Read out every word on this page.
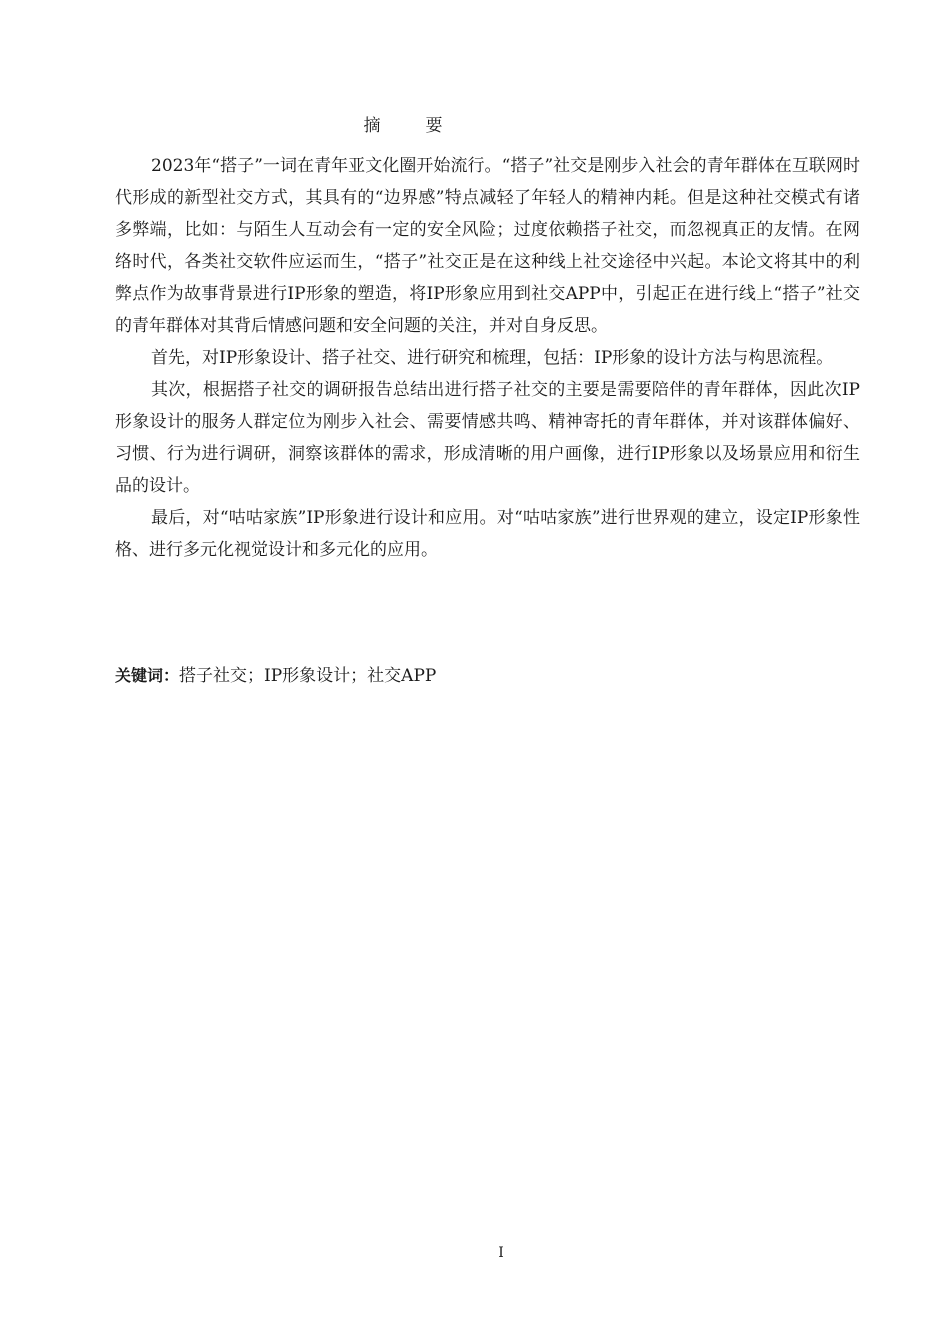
摘　要

2023年“搭子”一词在青年亚文化圈开始流行。“搭子”社交是刚步入社会的青年群体在互联网时代形成的新型社交方式，其具有的“边界感”特点减轻了年轻人的精神内耗。但是这种社交模式有诸多弊端，比如：与陌生人互动会有一定的安全风险；过度依赖搭子社交，而忽视真正的友情。在网络时代，各类社交软件应运而生，“搭子”社交正是在这种线上社交途径中兴起。本论文将其中的利弊点作为故事背景进行IP形象的塑造，将IP形象应用到社交APP中，引起正在进行线上“搭子”社交的青年群体对其背后情感问题和安全问题的关注，并对自身反思。

首先，对IP形象设计、搭子社交、进行研究和梳理，包括：IP形象的设计方法与构思流程。

其次，根据搭子社交的调研报告总结出进行搭子社交的主要是需要陪伴的青年群体，因此次IP形象设计的服务人群定位为刚步入社会、需要情感共鸣、精神寄托的青年群体，并对该群体偏好、习惯、行为进行调研，洞察该群体的需求，形成清晰的用户画像，进行IP形象以及场景应用和衍生品的设计。

最后，对“咕咕家族”IP形象进行设计和应用。对“咕咕家族”进行世界观的建立，设定IP形象性格、进行多元化视觉设计和多元化的应用。

关键词：搭子社交；IP形象设计；社交APP
I
